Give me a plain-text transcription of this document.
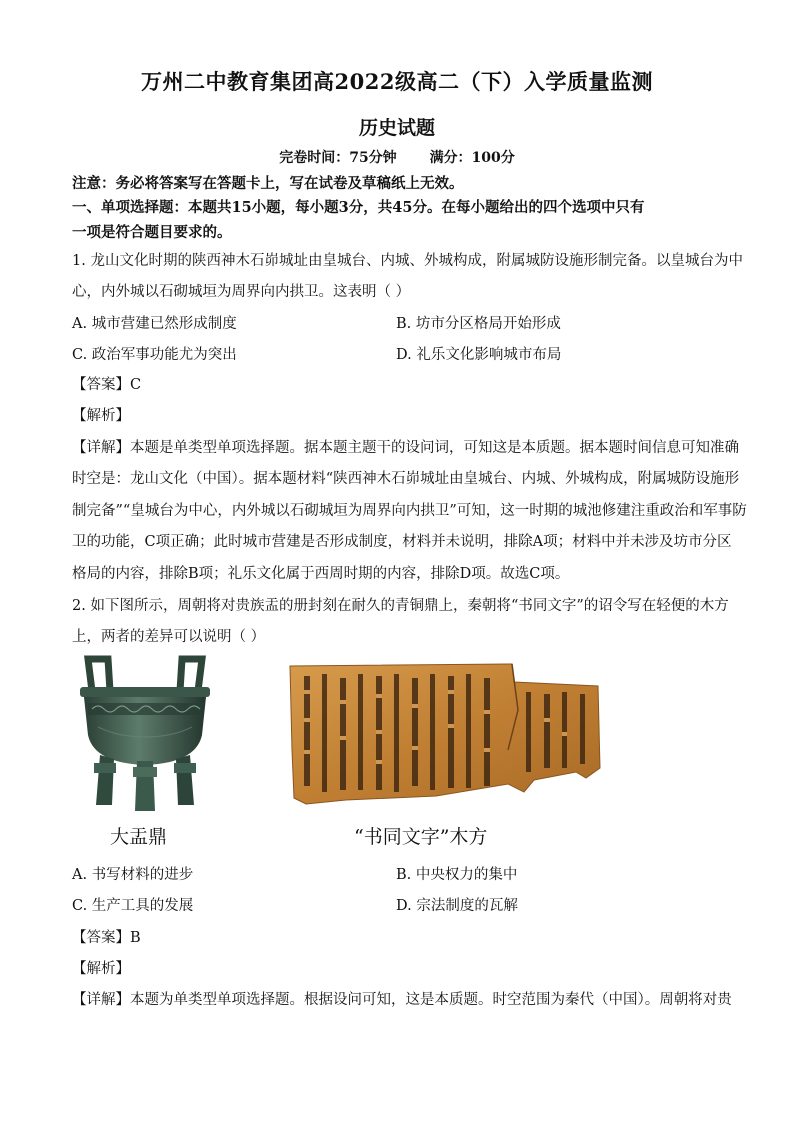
万州二中教育集团高2022级高二（下）入学质量监测
历史试题
完卷时间：75分钟 满分：100分
注意：务必将答案写在答题卡上，写在试卷及草稿纸上无效。
一、单项选择题：本题共15小题，每小题3分，共45分。在每小题给出的四个选项中只有
一项是符合题目要求的。
1. 龙山文化时期的陕西神木石峁城址由皇城台、内城、外城构成，附属城防设施形制完备。以皇城台为中
心，内外城以石砌城垣为周界向内拱卫。这表明（ ）
A. 城市营建已然形成制度	B. 坊市分区格局开始形成
C. 政治军事功能尤为突出	D. 礼乐文化影响城市布局
【答案】C
【解析】
【详解】本题是单类型单项选择题。据本题主题干的设问词，可知这是本质题。据本题时间信息可知准确
时空是：龙山文化（中国）。据本题材料“陕西神木石峁城址由皇城台、内城、外城构成，附属城防设施形
制完备”“皇城台为中心，内外城以石砌城垣为周界向内拱卫”可知，这一时期的城池修建注重政治和军事防
卫的功能，C项正确；此时城市营建是否形成制度，材料并未说明，排除A项；材料中并未涉及坊市分区
格局的内容，排除B项；礼乐文化属于西周时期的内容，排除D项。故选C项。
2. 如下图所示，周朝将对贵族盂的册封刻在耐久的青铜鼎上，秦朝将“书同文字”的诏令写在轻便的木方
上，两者的差异可以说明（ ）
大盂鼎	“书同文字”木方
A. 书写材料的进步	B. 中央权力的集中
C. 生产工具的发展	D. 宗法制度的瓦解
【答案】B
【解析】
【详解】本题为单类型单项选择题。根据设问可知，这是本质题。时空范围为秦代（中国）。周朝将对贵
